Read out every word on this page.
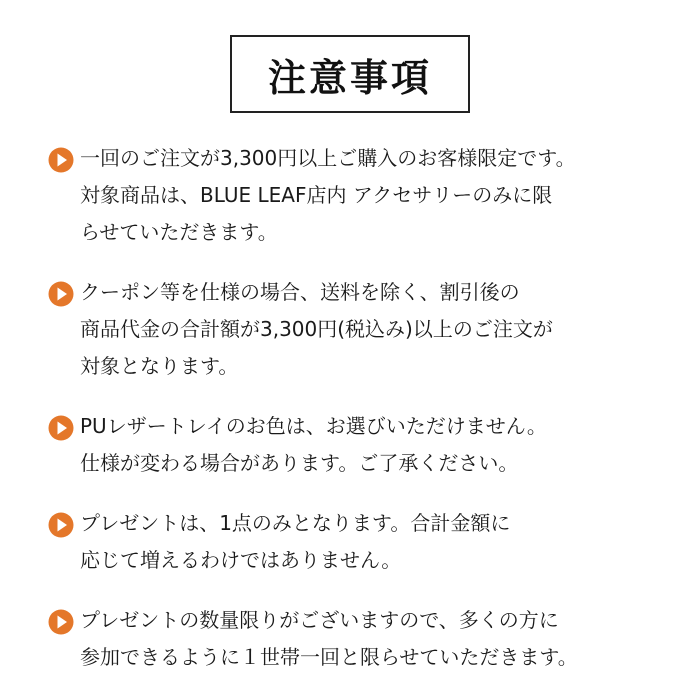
注意事項
一回のご注文が3,300円以上ご購入のお客様限定です。
対象商品は、BLUE LEAF店内 アクセサリーのみに限
らせていただきます。
クーポン等を仕様の場合、送料を除く、割引後の
商品代金の合計額が3,300円(税込み)以上のご注文が
対象となります。
PUレザートレイのお色は、お選びいただけません。
仕様が変わる場合があります。ご了承ください。
プレゼントは、1点のみとなります。合計金額に
応じて増えるわけではありません。
プレゼントの数量限りがございますので、多くの方に
参加できるように１世帯一回と限らせていただきます。
